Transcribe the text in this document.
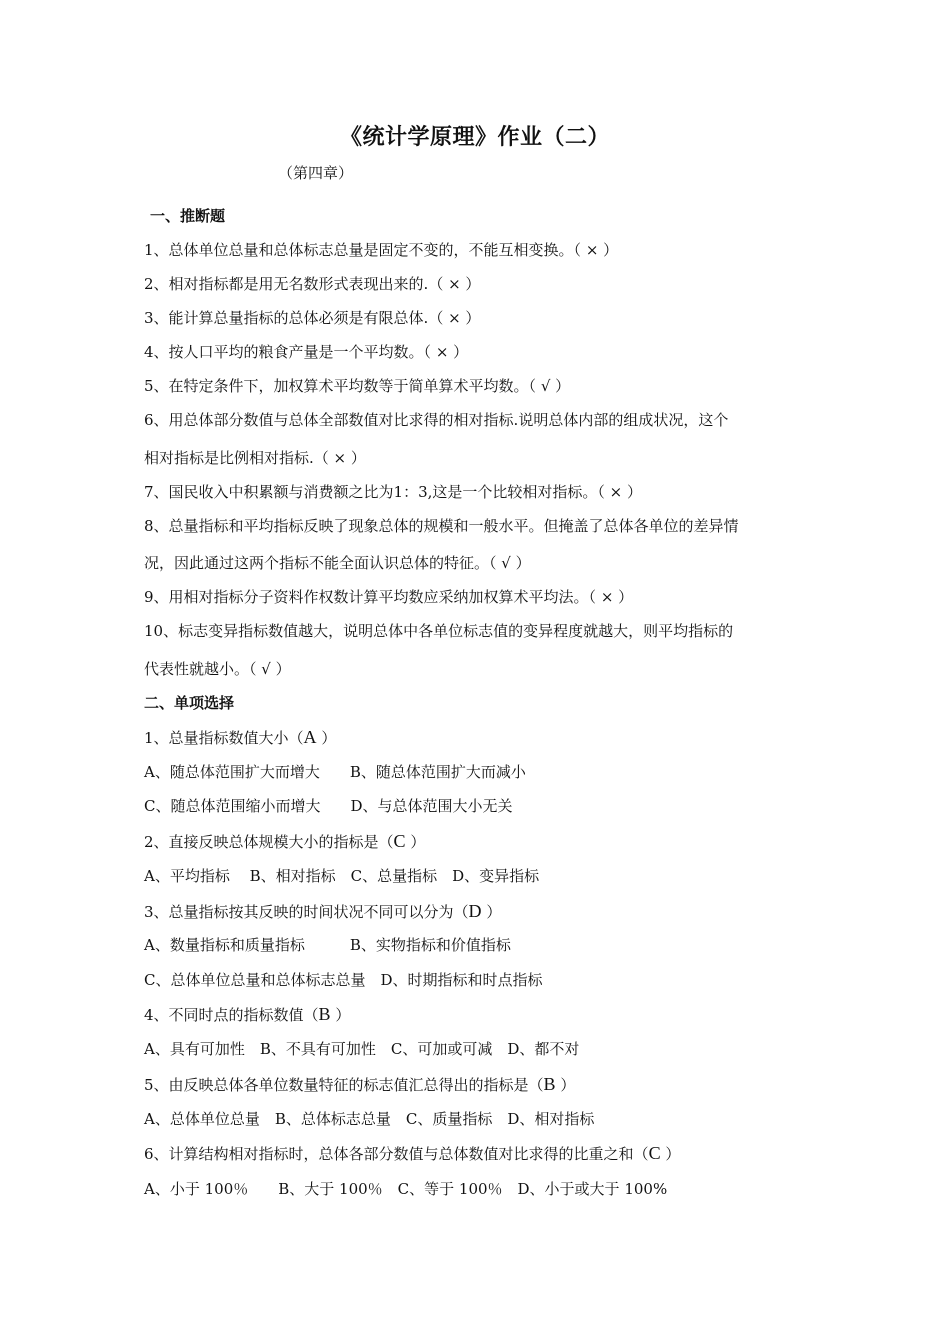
《统计学原理》作业（二）
（第四章）
一、推断题
1、总体单位总量和总体标志总量是固定不变的，不能互相变换。（ × ）
2、相对指标都是用无名数形式表现出来的.（ × ）
3、能计算总量指标的总体必须是有限总体.（ × ）
4、按人口平均的粮食产量是一个平均数。（ × ）
5、在特定条件下，加权算术平均数等于简单算术平均数。（ √ ）
6、用总体部分数值与总体全部数值对比求得的相对指标.说明总体内部的组成状况，这个
相对指标是比例相对指标.（ × ）
7、国民收入中积累额与消费额之比为1：3,这是一个比较相对指标。（ × ）
8、总量指标和平均指标反映了现象总体的规模和一般水平。但掩盖了总体各单位的差异情
况，因此通过这两个指标不能全面认识总体的特征。（ √ ）
9、用相对指标分子资料作权数计算平均数应采纳加权算术平均法。（ × ）
10、标志变异指标数值越大，说明总体中各单位标志值的变异程度就越大，则平均指标的
代表性就越小。（ √ ）
二、单项选择
1、总量指标数值大小（A ）
A、随总体范围扩大而增大　　B、随总体范围扩大而减小
C、随总体范围缩小而增大　　D、与总体范围大小无关
2、直接反映总体规模大小的指标是（C ）
A、平均指标　 B、相对指标　C、总量指标　D、变异指标
3、总量指标按其反映的时间状况不同可以分为（D ）
A、数量指标和质量指标　　　B、实物指标和价值指标
C、总体单位总量和总体标志总量　D、时期指标和时点指标
4、不同时点的指标数值（B ）
A、具有可加性　B、不具有可加性　C、可加或可减　D、都不对
5、由反映总体各单位数量特征的标志值汇总得出的指标是（B ）
A、总体单位总量　B、总体标志总量　C、质量指标　D、相对指标
6、计算结构相对指标时，总体各部分数值与总体数值对比求得的比重之和（C ）
A、小于 100％　　B、大于 100％　C、等于 100％　D、小于或大于 100%
